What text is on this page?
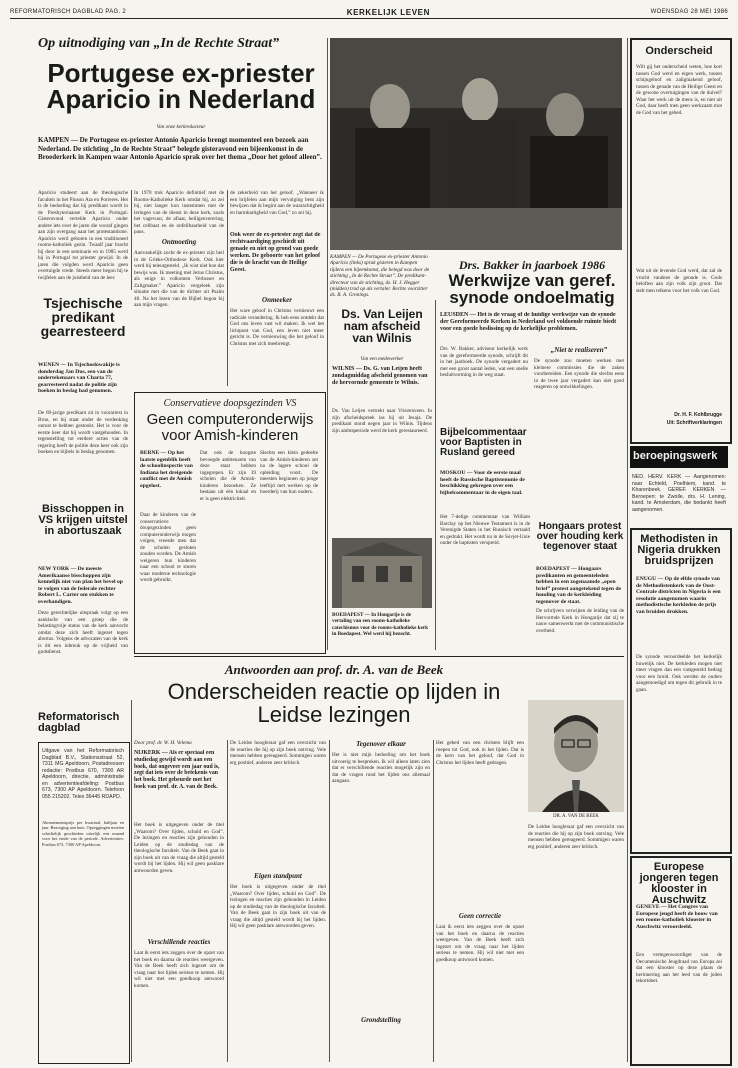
REFORMATORISCH DAGBLAD PAG. 2	KERKELIJK LEVEN	WOENSDAG 28 MEI 1986
Op uitnodiging van „In de Rechte Straat”
Portugese ex-priester Aparicio in Nederland
Van onze kerkredacteur
KAMPEN — De Portugese ex-priester Antonio Aparicio brengt momenteel een bezoek aan Nederland. De stichting „In de Rechte Straat” belegde gisteravond een bijeenkomst in de Broederkerk in Kampen waar Antonio Aparicio sprak over het thema „Door het geloof alleen”.
Aparicio studeert aan de theologische faculteit in het Pinson Ara en Porreres. Het is de bedoeling dat hij predikant wordt in de Presbyteriaanse Kerk in Portugal. Gisteravond vertelde Aparicio onder andere iets over de jaren die vooraf gingen aan zijn overgang naar het protestantisme. Aparicio werd geboren in een traditioneel rooms-katholiek gezin. Twaalf jaar bracht hij door in een seminarie en in 1985 werd hij in Portugal tot priester gewijd. In de jaren die volgden werd Aparicio geen overtuigde vrede. Steeds meer begon hij te twijfelen aan de juistheid van de leer.
In 1978 trok Aparicio definitief met de Rooms-Katholieke Kerk omdat hij, zo zei hij, niet langer kon instemmen met de leringen van de dienst in deze kerk, zoals het vagevuur, de afiaat, heiligenverering, het celibaat en de onfeilbaarheid van de paus.
Ontmoeting
Aanvankelijk zocht de ex-priester zijn heil in de Grieks-Orthodoxe Kerk. Ook hier werd hij teleurgesteld. „Ik wist niet hoe dat bewijs was. Ik meeting met Jezus Christus, als enige in volkomen Verlosser en Zaligmaker.” Aparicio vergeleek zijn situatie met die van de dichter uit Psalm 40. Na het lezen van de Bijbel begon hij aan mijn vragen.
de zekerheid van het geloof. „Wanneer ik een brijfelen aan mijn vervolging bent zijn bewijzen dat ik begint aan de waarachtigheid en barmhartigheid van God,” zo zei hij.
Ook weer de ex-priester zegt dat de rechtvaardiging geschiedt uit genade en niet op grond van goede werken. De geboorte van het geloof die is de kracht van de Heilige Geest.
Onmeeker
Het ware geloof in Christus vernieuwt een radicale verandering. Ik heb eens ontdekt dat God ons leven vast wil maken. Ik wel het lichtpunt van God, een leven niet meer gericht is. De vernieuwing die het geloof in Christus met zich meebrengt.
KAMPEN — De Portugese ex-priester Antonio Aparicio (links) sprak gisteren in Kampen tijdens een bijeenkomst, die belegd was door de stichting „In de Rechte Straat”. De predikant-directeur van de stichting, ds. H. J. Hegger (midden) trad op als vertaler. Rechts voorzitter ds. R. A. Gronings.
Ds. Van Leijen nam afscheid van Wilnis
Van een medewerker
WILNIS — Ds. G. van Leijen heeft zondagmiddag afscheid genomen van de hervormde gemeente te Wilnis.
Ds. Van Leijen vertrekt naar Vriezenveen. In zijn afscheidspreek las hij uit Jesaja. De predikant stond negen jaar in Wilnis. Tijdens zijn ambtsperiode werd de kerk gerestaureerd.
Drs. Bakker in jaarboek 1986
Werkwijze van geref. synode ondoelmatig
LEUSDEN — Het is de vraag of de huidige werkwijze van de synode der Gereformeerde Kerken in Nederland wel voldoende ruimte biedt voor een goede beslissing op de kerkelijke problemen.
Drs. W. Bakker, adviseur kerkelijk werk van de gereformeerde synode, schrijft dit in het jaarboek. De synode vergadert nu met een groot aantal leden, wat een snelle besluitvorming in de weg staat.
„Niet te realiseren”
De synode zou moeten werken met kleinere commissies die de zaken voorbereiden. Een synode die slechts eens in de twee jaar vergadert kan niet goed reageren op ontwikkelingen.
Bijbelcommentaar voor Baptisten in Rusland gereed
MOSKOU — Voor de eerste maal heeft de Russische Baptistenunie de beschikking gekregen over een bijbelcommentaar in de eigen taal.
Het 7-delige commentaar van William Barclay op het Nieuwe Testament is in de Verenigde Staten in het Russisch vertaald en gedrukt. Het wordt nu in de Sovjet-Unie onder de baptisten verspreid.
BOEDAPEST — In Hongarije is de vertaling van een rooms-katholieke catechismus voor de rooms-katholieke kerk in Boedapest. Wel werd hij bezocht.
Hongaars protest over houding kerk tegenover staat
BOEDAPEST — Hongaars predikanten en gemeenteleden hebben in een zogenaamde „open brief” protest aangetekend tegen de houding van de kerkleiding tegenover de staat.
De schrijvers verwijten de leiding van de Hervormde Kerk in Hongarije dat zij te nauw samenwerkt met de communistische overheid.
Tsjechische predikant gearresteerd
WENEN — In Tsjechoslowakije is donderdag Jan Dus, een van de ondertekenaars van Charta 77, gearresteerd nadat de politie zijn boeken in beslag had genomen.
De 69-jarige predikant zit in voorarrest in Brno, en hij staat onder de verdenking onrust te hebben gestookt. Het is voor de eerste keer dat hij wordt vastgehouden. In tegenstelling tot eerdere acties van de regering heeft de politie deze keer ook zijn boeken en bijbels in beslag genomen.
Bisschoppen in VS krijgen uitstel in abortuszaak
NEW YORK — De meeste Amerikaanse bisschoppen zijn kennelijk niet van plan het bevel op te volgen van de federale rechter Robert L. Carter om stukken te overhandigen.
Deze gerechtelijke uitspraak volgt op een aanklacht van een groep die de belastingvrije status van de kerk aanvecht omdat deze zich heeft ingezet tegen abortus. Volgens de advocaten van de kerk is dit een inbreuk op de vrijheid van godsdienst.
Conservatieve doopsgezinden VS
Geen computeronderwijs voor Amish-kinderen
BERNE — Op het laatste ogenblik heeft de schoolinspectie van Indiana het dreigende conflict met de Amish opgelost.
Daar de kinderen van de conservatieve doopsgezinden geen computeronderwijs mogen volgen, vreesde men dat de scholen gesloten zouden worden. De Amish weigeren hun kinderen naar een school te sturen waar moderne technologie wordt gebruikt.
Dat ook de hoogste bevoegde ambtenaren van deze staat hebben ingegrepen. Er zijn 39 scholen die de Amish-kinderen bezoeken. Ze bestaan uit één lokaal en er is geen elektriciteit.
Slechts een klein gedeelte van de Amish-kinderen zet na de lagere school de opleiding voort. De meesten beginnen op jonge leeftijd met werken op de boerderij van hun ouders.
Reformatorisch dagblad
Uitgave van het Reformatorisch Dagblad B.V., Stationsstraat 52, 7311 MG Apeldoorn, Postadressen redactie: Postbus 670, 7300 AR Apeldoorn, directie, administratie en advertentieafdeling: Postbus 673, 7300 AP Apeldoorn. Telefoon 055 215202. Telex 36445 RDAPD.
Abonnementsprijs per kwartaal, halfjaar en jaar. Bezorging aan huis. Opzeggingen moeten schriftelijk geschieden uiterlijk een maand voor het einde van de periode. Advertenties: Postbus 673, 7300 AP Apeldoorn.
Antwoorden aan prof. dr. A. van de Beek
Onderscheiden reactie op lijden in Leidse lezingen
Door prof. dr. W. H. Velema
NIJKERK — Als er speciaal een studiedag gewijd wordt aan een boek, dat ongeveer een jaar oud is, zegt dat iets over de betekenis van het boek. Het gebeurde met het boek van prof. dr. A. van de Beek.
Het boek is uitgegeven onder de titel „Waarom? Over lijden, schuld en God”. De lezingen en reacties zijn gehouden in Leiden op de studiedag van de theologische faculteit. Van de Beek gaat in zijn boek uit van de vraag die altijd gesteld wordt bij het lijden. Hij wil geen pasklare antwoorden geven.
Verschillende reacties
Laat ik eerst iets zeggen over de opzet van het boek en daarna de reacties weergeven. Van de Beek heeft zich ingezet om de vraag naar het lijden serieus te nemen. Hij wil niet met een goedkoop antwoord komen.
De Leidse hoogleraar gaf een overzicht van de reacties die hij op zijn boek ontving. Vele mensen hebben gereageerd. Sommigen waren erg positief, anderen zeer kritisch.
Eigen standpunt
Het boek is uitgegeven onder de titel „Waarom? Over lijden, schuld en God”. De lezingen en reacties zijn gehouden in Leiden op de studiedag van de theologische faculteit. Van de Beek gaat in zijn boek uit van de vraag die altijd gesteld wordt bij het lijden. Hij wil geen pasklare antwoorden geven.
Tegenover elkaar
Het is niet mijn bedoeling om het boek uitvoerig te bespreken. Ik wil alleen laten zien dat er verschillende reacties mogelijk zijn en dat de vragen rond het lijden ons allemaal aangaan.
Grondstelling
Het gebed van een christen blijft een roepen tot God, ook in het lijden. Dat is de kern van het geloof, dat God in Christus het lijden heeft gedragen.
Geen correctie
Laat ik eerst iets zeggen over de opzet van het boek en daarna de reacties weergeven. Van de Beek heeft zich ingezet om de vraag naar het lijden serieus te nemen. Hij wil niet met een goedkoop antwoord komen.
DR. A. VAN DE BEEK
De Leidse hoogleraar gaf een overzicht van de reacties die hij op zijn boek ontving. Vele mensen hebben gereageerd. Sommigen waren erg positief, anderen zeer kritisch.
Onderscheid
Wilt gij het onderscheid weten, hoe kort tussen God werd en eigen werk, tussen schijngeloof en zaligmakend geloof, tussen de genade van de Heilige Geest en de gewone overtuigingen van de duivel? Waar het werk uit de mens is, en niet uit God, daar heeft men geen werkzaam mot de God van het gebed.
Wat uit de levende God werd, dat zal de vrucht vandeze de genade is. Gods beloften aan zijn volk zijn groot. Dat stelt men telkens voor het volk van God.
Dr. H. F. Kohlbrugge
Uit: Schriftverklaringen
beroepingswerk
NED. HERV. KERK — Aangenomen: naar Echteld, Poelhiem, kand. te Kharenbeek. GEREF. KERKEN — Beroepen: te Zwolle, drs. H. Lening, kand. te Amsterdam, die bedankt heeft aangenomen.
Methodisten in Nigeria drukken bruidsprijzen
ENUGU — Op de elfde synode van de Methodistenkerk van de Oost-Centrale districten in Nigeria is een resolutie aangenomen waarin methodistische kerkleden de prijs van bruiden drukken.
De synode veroordeelde het kerkelijk huwelijk niet. De kerkleden mogen niet meer vragen dan een vastgesteld bedrag voor een bruid. Ook werden de ouders aangemoedigd om tegen dit gebruik in te gaan.
Europese jongeren tegen klooster in Auschwitz
GENEVE — Het Congres van Europese jeugd heeft de bouw van een rooms-katholiek klooster in Auschwitz veroordeeld.
Een vertegenwoordiger van de Oecumenische Jeugdraad van Europa zei dat een klooster op deze plaats de herinnering aan het leed van de joden tekortdoet.
